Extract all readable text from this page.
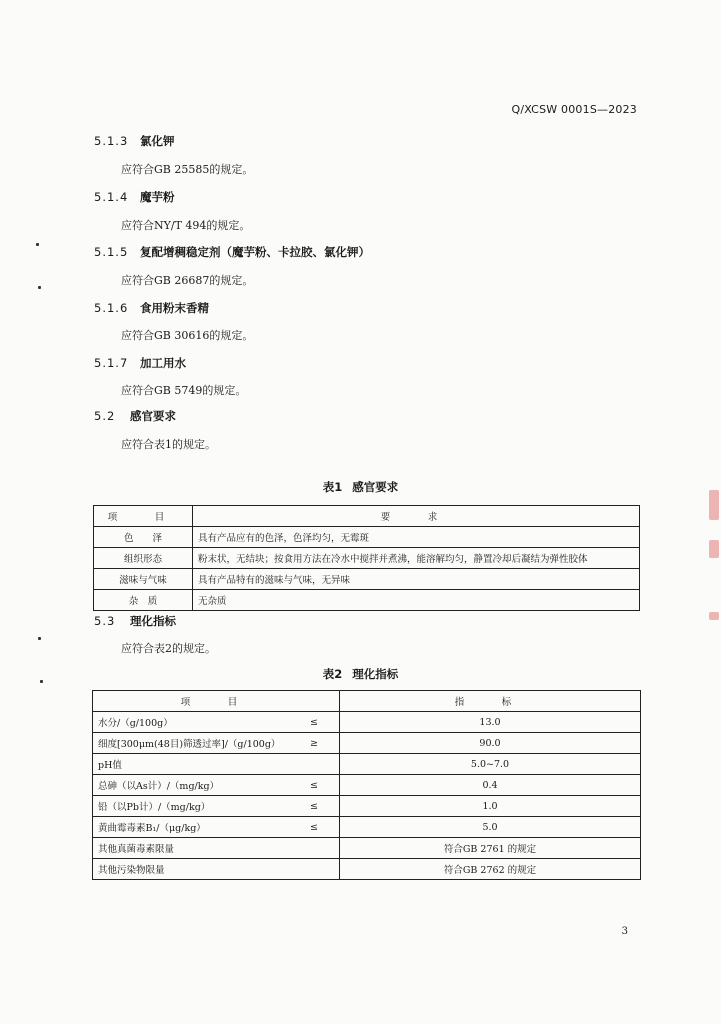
Q/XCSW 0001S—2023
5.1.3 氯化钾
应符合GB 25585的规定。
5.1.4 魔芋粉
应符合NY/T 494的规定。
5.1.5 复配增稠稳定剂（魔芋粉、卡拉胶、氯化钾）
应符合GB 26687的规定。
5.1.6 食用粉末香精
应符合GB 30616的规定。
5.1.7 加工用水
应符合GB 5749的规定。
5.2 感官要求
应符合表1的规定。
表1 感官要求
项　目	要　求
色　　泽	具有产品应有的色泽，色泽均匀，无霉斑
组织形态	粉末状，无结块；按食用方法在冷水中搅拌并煮沸，能溶解均匀，静置冷却后凝结为弹性胶体
滋味与气味	具有产品特有的滋味与气味，无异味
杂　质	无杂质
5.3 理化指标
应符合表2的规定。
表2 理化指标
项　目		指　标
水分/（g/100g）	≤	13.0
细度[300μm(48目)筛透过率]/（g/100g）	≥	90.0
pH值		5.0~7.0
总砷（以As计）/（mg/kg）	≤	0.4
铅（以Pb计）/（mg/kg）	≤	1.0
黄曲霉毒素B₁/（μg/kg）	≤	5.0
其他真菌毒素限量		符合GB 2761 的规定
其他污染物限量		符合GB 2762 的规定
3
